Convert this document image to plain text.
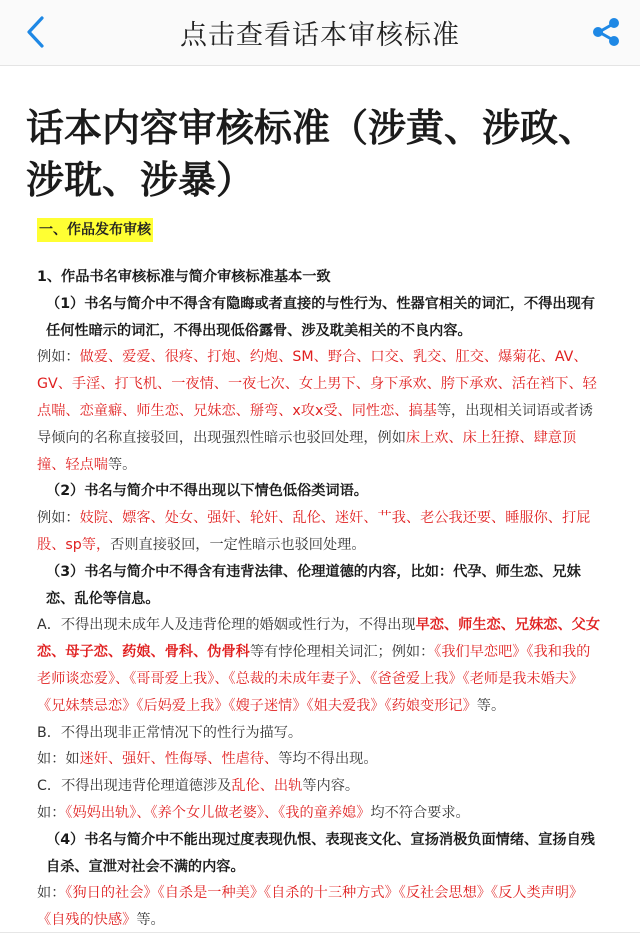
点击查看话本审核标准
话本内容审核标准（涉黄、涉政、涉耽、涉暴）
一、作品发布审核

1、作品书名审核标准与简介审核标准基本一致

（1）书名与简介中不得含有隐晦或者直接的与性行为、性器官相关的词汇，不得出现有任何性暗示的词汇，不得出现低俗露骨、涉及耽美相关的不良内容。

例如：做爱、爱爱、很疼、打炮、约炮、SM、野合、口交、乳交、肛交、爆菊花、AV、GV、手淫、打飞机、一夜情、一夜七次、女上男下、身下承欢、胯下承欢、活在裆下、轻点喘、恋童癖、师生恋、兄妹恋、掰弯、x攻x受、同性恋、搞基等，出现相关词语或者诱导倾向的名称直接驳回，出现强烈性暗示也驳回处理，例如床上欢、床上狂撩、肆意顶撞、轻点喘等。

（2）书名与简介中不得出现以下情色低俗类词语。

例如：妓院、嫖客、处女、强奸、轮奸、乱伦、迷奸、艹我、老公我还要、睡服你、打屁股、sp等，否则直接驳回，一定性暗示也驳回处理。

（3）书名与简介中不得含有违背法律、伦理道德的内容，比如：代孕、师生恋、兄妹恋、乱伦等信息。

A．不得出现未成年人及违背伦理的婚姻或性行为，不得出现早恋、师生恋、兄妹恋、父女恋、母子恋、药娘、骨科、伪骨科等有悖伦理相关词汇；例如：《我们早恋吧》《我和我的老师谈恋爱》、《哥哥爱上我》、《总裁的未成年妻子》、《爸爸爱上我》《老师是我未婚夫》《兄妹禁忌恋》《后妈爱上我》《嫂子迷情》《姐夫爱我》《药娘变形记》等。

B．不得出现非正常情况下的性行为描写。

如：如迷奸、强奸、性侮辱、性虐待、等均不得出现。

C．不得出现违背伦理道德涉及乱伦、出轨等内容。

如：《妈妈出轨》、《养个女儿做老婆》、《我的童养媳》均不符合要求。

（4）书名与简介中不能出现过度表现仇恨、表现丧文化、宣扬消极负面情绪、宣扬自残自杀、宣泄对社会不满的内容。

如：《狗日的社会》《自杀是一种美》《自杀的十三种方式》《反社会思想》《反人类声明》《自残的快感》等。
